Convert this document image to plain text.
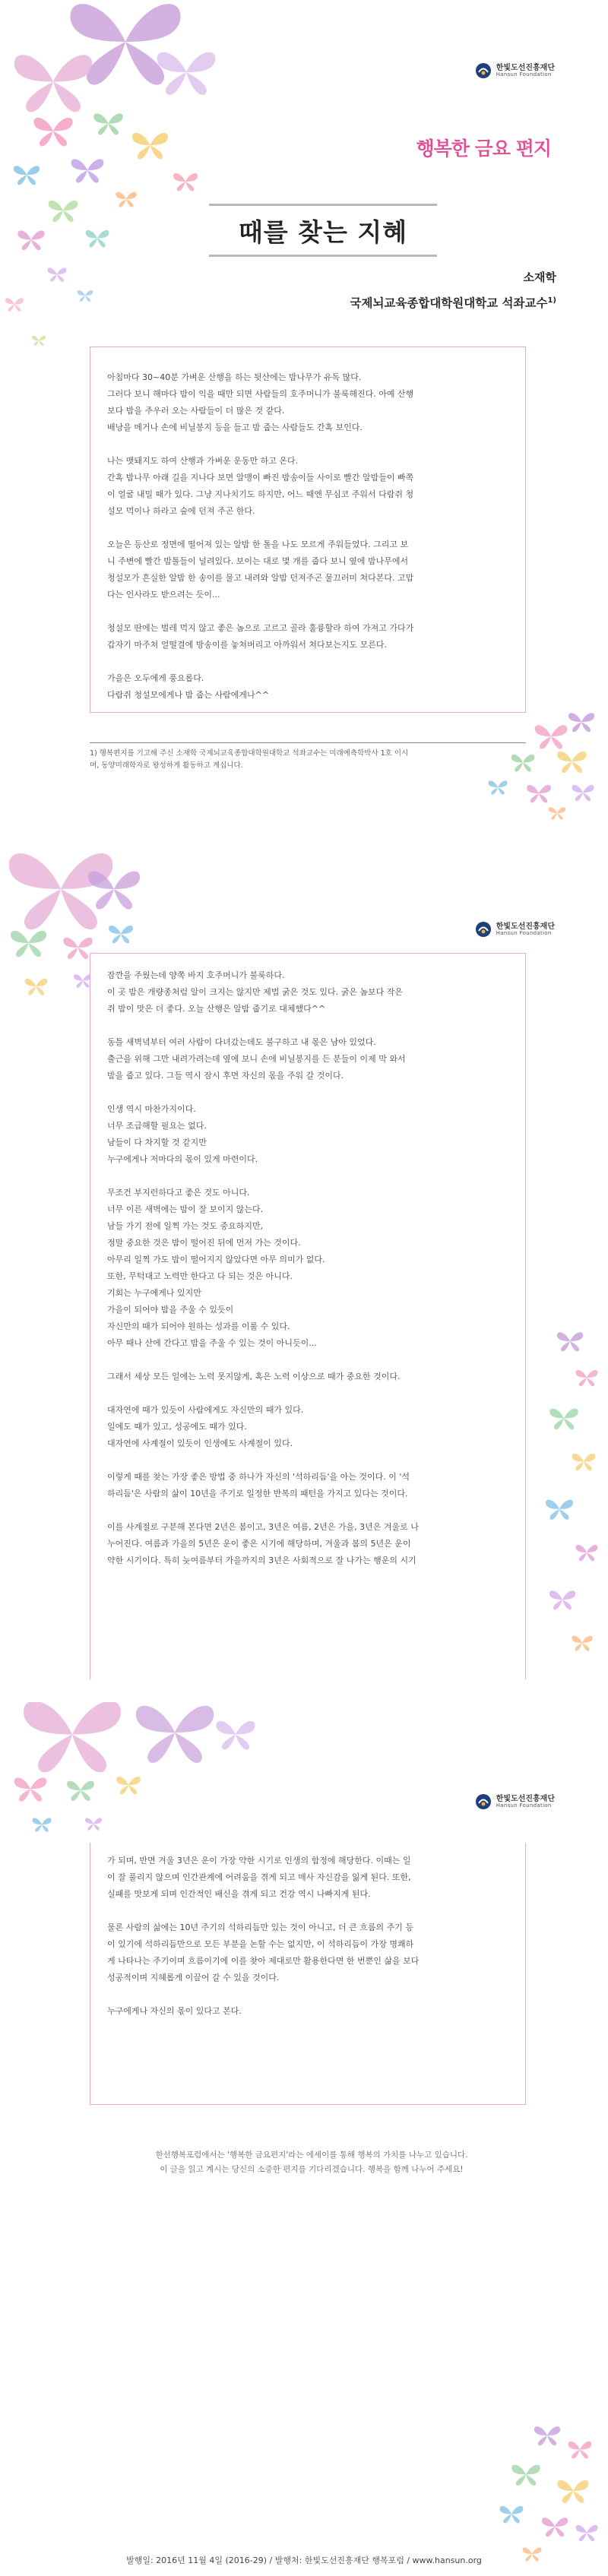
한빛도선진흥재단
Hansun Foundation
행복한 금요 편지
때를 찾는 지혜
소재학
국제뇌교육종합대학원대학교 석좌교수$^{1)}$

아침마다 30~40분 가벼운 산행을 하는 뒷산에는 밤나무가 유독 많다.
그러다 보니 해마다 밤이 익을 때만 되면 사람들의 호주머니가 불룩해진다. 아예 산행
보다 밤을 주우러 오는 사람들이 더 많은 것 같다.
배낭을 메거나 손에 비닐봉지 등을 들고 밤 줍는 사람들도 간혹 보인다.

나는 맷돼지도 하여 산행과 가벼운 운동만 하고 온다.
간혹 밤나무 아래 길을 지나다 보면 알맹이 빠진 밤송이들 사이로 빨간 알밤들이 빠쪽
이 얼굴 내밀 때가 있다. 그냥 지나치기도 하지만, 어느 때엔 무심코 주워서 다람쥐 청
설모 먹이나 하라고 숲에 던져 주곤 한다.

오늘은 등산로 정면에 떨어져 있는 알밤 한 톨을 나도 모르게 주워들었다. 그리고 보
니 주변에 빨간 밤톨들이 널려있다. 보이는 대로 몇 개를 줍다 보니 옆에 밤나무에서
청설모가 흔실한 알밤 한 송이를 물고 내려와 알밤 던져주곤 물끄러미 쳐다본다. 고맙
다는 인사라도 받으려는 듯이...

청설모 딴에는 벌레 먹지 않고 좋은 놈으로 고르고 골라 훌륭할라 하여 가져고 가다가
갑자기 마주쳐 얼떨결에 방송이를 놓쳐버리고 아까워서 쳐다보는지도 모른다.

가을은 오두에게 풍요롭다.
다람쥐 청설모에게나 밤 줍는 사람에게나^^

1) 행복편지를 기고해 주신 소재학 국제뇌교육종합대학원대학교 석좌교수는 미래예측학박사 1호 이시
며, 동양미래학자로 왕성하게 활동하고 계십니다.
한빛도선진흥재단
Hansun Foundation

잠깐을 주웠는데 양쪽 바지 호주머니가 불룩하다.
이 곳 밤은 개량종처럼 알이 크지는 않지만 제법 굵은 것도 있다. 굵은 놈보다 작은
쥐 밤이 맛은 더 좋다. 오늘 산행은 알밤 줍기로 대체했다^^

동틀 새벽녘부터 여러 사람이 다녀갔는데도 불구하고 내 몫은 남아 있었다.
출근을 위해 그만 내려가려는데 옆에 보니 손에 비닐봉지를 든 분들이 이제 막 와서
밤을 줍고 있다. 그들 역시 잠시 후면 자신의 몫을 주워 갈 것이다.

인생 역시 마찬가지이다.
너무 조급해할 필요는 없다.
남들이 다 차지할 것 같지만
누구에게나 저마다의 몫이 있게 마련이다.

무조건 부지런하다고 좋은 것도 아니다.
너무 이른 새벽에는 밤이 잘 보이지 않는다.
남들 가기 전에 일찍 가는 것도 중요하지만,
정말 중요한 것은 밤이 떨어진 뒤에 먼저 가는 것이다.
아무리 일찍 가도 밤이 떨어지지 않았다면 아무 의미가 없다.
또한, 무턱대고 노력만 한다고 다 되는 것은 아니다.
기회는 누구에게나 있지만
가을이 되어야 밤을 주울 수 있듯이
자신만의 때가 되어야 원하는 성과를 이룰 수 있다.
아무 때나 산에 간다고 밤을 주울 수 있는 것이 아니듯이...

그래서 세상 모든 일에는 노력 못지않게, 혹은 노력 이상으로 때가 중요한 것이다.

대자연에 때가 있듯이 사람에게도 자신만의 때가 있다.
일에도 때가 있고, 성공에도 때가 있다.
대자연에 사계절이 있듯이 인생에도 사계절이 있다.

이렇게 때를 찾는 가장 좋은 방법 중 하나가 자신의 '석하리듬'을 아는 것이다. 이 '석
하리듬'은 사람의 삶이 10년을 주기로 일정한 반복의 패턴을 가지고 있다는 것이다.

이를 사계절로 구분해 본다면 2년은 봄이고, 3년은 여름, 2년은 가을, 3년은 겨울로 나
누어진다. 여름과 가을의 5년은 운이 좋은 시기에 해당하며, 겨울과 봄의 5년은 운이
약한 시기이다. 특히 늦여름부터 가을까지의 3년은 사회적으로 잘 나가는 행운의 시기

한빛도선진흥재단
Hansun Foundation

가 되며, 반면 겨울 3년은 운이 가장 약한 시기로 인생의 함정에 해당한다. 이때는 일
이 잘 풀리지 않으며 인간관계에 어려움을 겪게 되고 매사 자신감을 잃게 된다. 또한,
실패를 맛보게 되며 인간적인 배신을 겪게 되고 건강 역시 나빠지게 된다.

물론 사람의 삶에는 10년 주기의 석하리듬만 있는 것이 아니고, 더 큰 흐름의 주기 등
이 있기에 석하리듬만으로 모든 부분을 논할 수는 없지만, 이 석하리듬이 가장 명쾌하
게 나타나는 주기이며 흐름이기에 이를 찾아 제대로만 활용한다면 한 번뿐인 삶을 보다
성공적이며 지혜롭게 이끌어 갈 수 있을 것이다.

누구에게나 자신의 몫이 있다고 본다.

한선행복포럼에서는 '행복한 금요편지'라는 에세이를 통해 행복의 가치를 나누고 있습니다.
이 글을 읽고 계시는 당신의 소중한 편지를 기다리겠습니다. 행복을 함께 나누어 주세요!
발행일: 2016년 11월 4일 (2016-29) / 발행처: 한빛도선진흥재단 행복포럼 / www.hansun.org
